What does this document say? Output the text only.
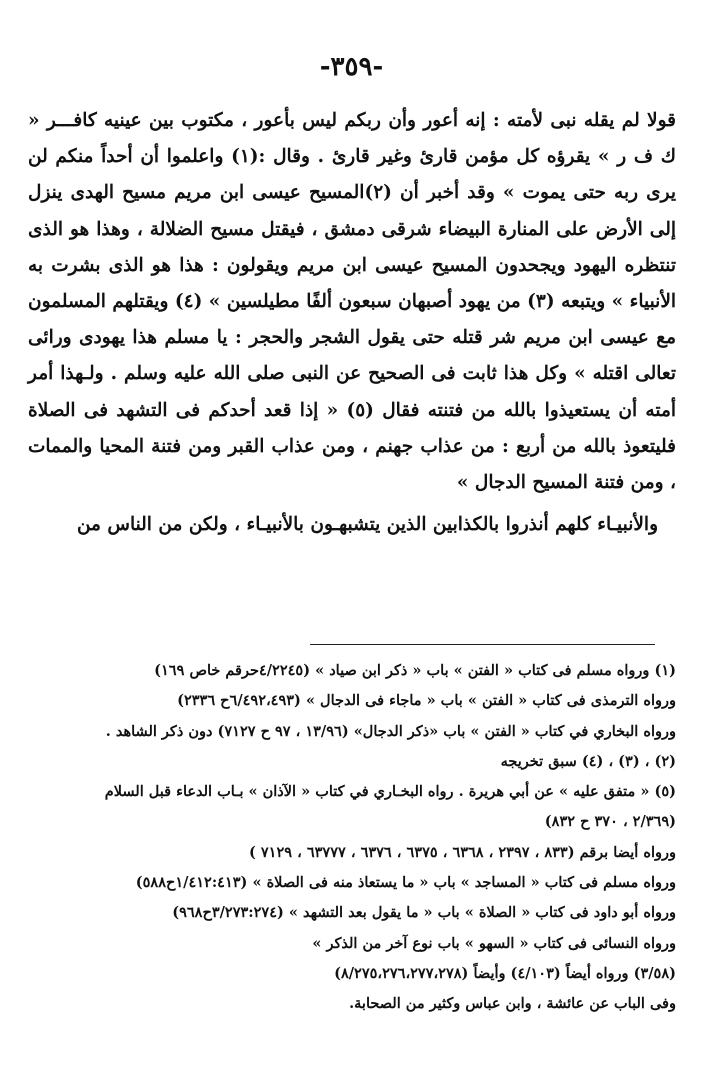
-٣٥٩-

قولا لم يقله نبى لأمته : إنه أعور وأن ربكم ليس بأعور ، مكتوب بين عينيه كافـــر « ك ف ر » يقرؤه كل مؤمن قارئ وغير قارئ . وقال :(١) واعلموا أن أحداً منكم لن يرى ربه حتى يموت » وقد أخبر أن (٢)المسيح عيسى ابن مريم مسيح الهدى ينزل إلى الأرض على المنارة البيضاء شرقى دمشق ، فيقتل مسيح الضلالة ، وهذا هو الذى تنتظره اليهود ويجحدون المسيح عيسى ابن مريم ويقولون : هذا هو الذى بشرت به الأنبياء » ويتبعه (٣) من يهود أصبهان سبعون ألفًا مطيلسين » (٤) ويقتلهم المسلمون مع عيسى ابن مريم شر قتله حتى يقول الشجر والحجر : يا مسلم هذا يهودى ورائى تعالى اقتله » وكل هذا ثابت فى الصحيح عن النبى صلى الله عليه وسلم . ولـهذا أمر أمته أن يستعيذوا بالله من فتنته فقال (٥) « إذا قعد أحدكم فى التشهد فى الصلاة فليتعوذ بالله من أربع : من عذاب جهنم ، ومن عذاب القبر ومن فتنة المحيا والممات ، ومن فتنة المسيح الدجال »

والأنبيـاء كلهم أنذروا بالكذابين الذين يتشبهـون بالأنبيـاء ، ولكن من الناس من

(١) ورواه مسلم فى كتاب « الفتن » باب « ذكر ابن صياد » (٤/٢٢٤٥حرقم خاص ١٦٩)

ورواه الترمذى فى كتاب « الفتن » باب « ماجاء فى الدجال » (٦/٤٩٢،٤٩٣ح ٢٣٣٦)

ورواه البخاري في كتاب « الفتن » باب «ذكر الدجال» (١٣/٩٦ ، ٩٧ ح ٧١٢٧) دون ذكر الشاهد .

(٢) ، (٣) ، (٤) سبق تخريجه

(٥) « متفق عليه » عن أبي هريرة . رواه البخـاري في كتاب « الآذان » بـاب الدعاء قبل السلام

(٢/٣٦٩ ، ٣٧٠ ح ٨٣٢)

ورواه أيضا برقم (٨٣٣ ، ٢٣٩٧ ، ٦٣٦٨ ، ٦٣٧٥ ، ٦٣٧٦ ، ٦٣٧٧٧ ، ٧١٢٩ )

ورواه مسلم فى كتاب « المساجد » باب « ما يستعاذ منه فى الصلاة » (١/٤١٢:٤١٣ح٥٨٨)

ورواه أبو داود فى كتاب « الصلاة » باب « ما يقول بعد التشهد » (٣/٢٧٣:٢٧٤ح٩٦٨)

ورواه النسائى فى كتاب « السهو » باب نوع آخر من الذكر »

(٣/٥٨) ورواه أيضاً (٤/١٠٣) وأيضاً (٨/٢٧٥،٢٧٦،٢٧٧،٢٧٨)

وفى الباب عن عائشة ، وابن عباس وكثير من الصحابة.
